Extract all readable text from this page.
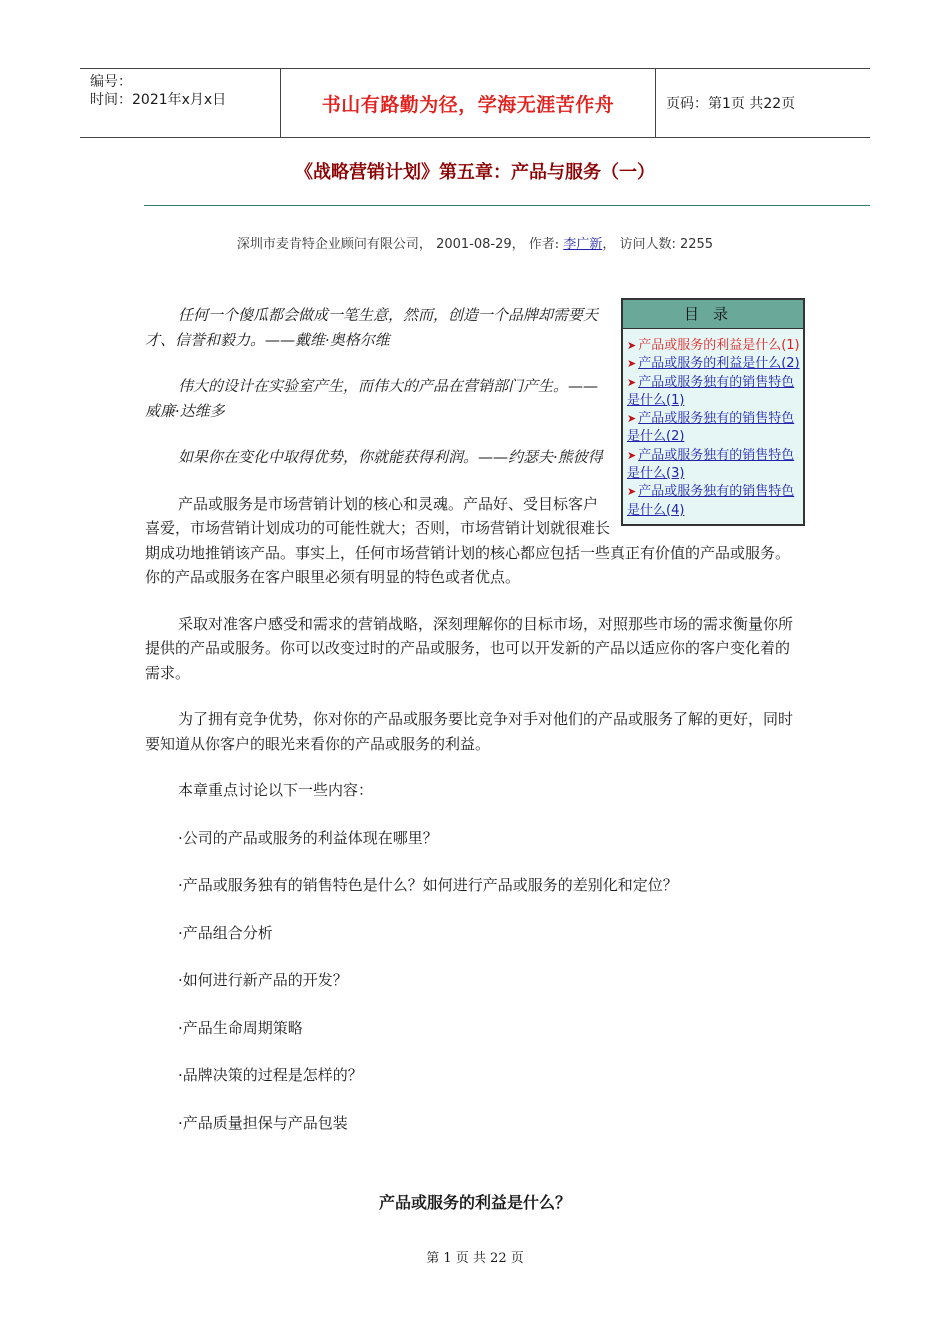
编号：
时间：2021年x月x日	书山有路勤为径，学海无涯苦作舟	页码：第1页 共22页
《战略营销计划》第五章：产品与服务（一）
深圳市麦肯特企业顾问有限公司， 2001-08-29， 作者: 李广新， 访问人数: 2255
目录
➤ 产品或服务的利益是什么(1)
➤ 产品或服务的利益是什么(2)
➤ 产品或服务独有的销售特色是什么(1)
➤ 产品或服务独有的销售特色是什么(2)
➤ 产品或服务独有的销售特色是什么(3)
➤ 产品或服务独有的销售特色是什么(4)

任何一个傻瓜都会做成一笔生意，然而，创造一个品牌却需要天才、信誉和毅力。——戴维·奥格尔维

伟大的设计在实验室产生，而伟大的产品在营销部门产生。——威廉·达维多

如果你在变化中取得优势，你就能获得利润。——约瑟夫·熊彼得

产品或服务是市场营销计划的核心和灵魂。产品好、受目标客户喜爱，市场营销计划成功的可能性就大；否则，市场营销计划就很难长期成功地推销该产品。事实上，任何市场营销计划的核心都应包括一些真正有价值的产品或服务。你的产品或服务在客户眼里必须有明显的特色或者优点。

采取对准客户感受和需求的营销战略，深刻理解你的目标市场，对照那些市场的需求衡量你所提供的产品或服务。你可以改变过时的产品或服务，也可以开发新的产品以适应你的客户变化着的需求。

为了拥有竞争优势，你对你的产品或服务要比竞争对手对他们的产品或服务了解的更好，同时要知道从你客户的眼光来看你的产品或服务的利益。

本章重点讨论以下一些内容：

·公司的产品或服务的利益体现在哪里？

·产品或服务独有的销售特色是什么？如何进行产品或服务的差别化和定位？

·产品组合分析

·如何进行新产品的开发？

·产品生命周期策略

·品牌决策的过程是怎样的？

·产品质量担保与产品包装

产品或服务的利益是什么？
第 1 页 共 22 页
